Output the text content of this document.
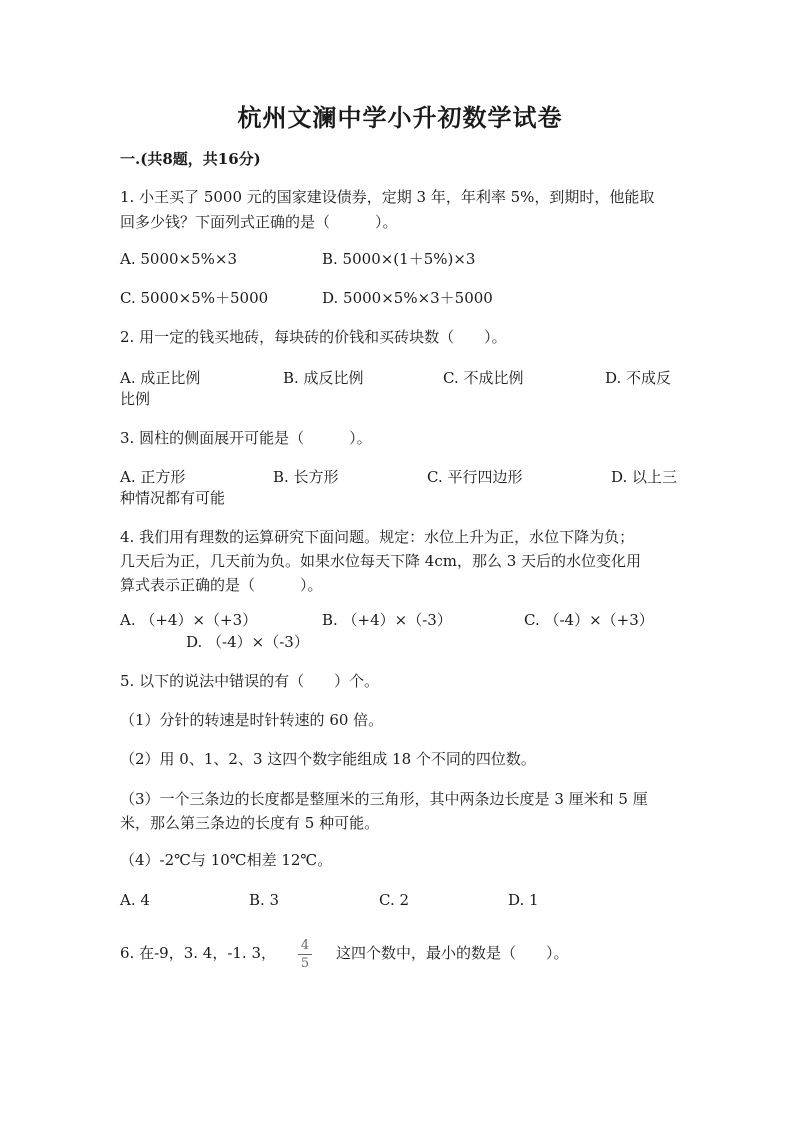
杭州文澜中学小升初数学试卷
一.(共8题，共16分)
1. 小王买了 5000 元的国家建设债券，定期 3 年，年利率 5%，到期时，他能取
回多少钱？下面列式正确的是（　　　）。
A. 5000×5%×3	B. 5000×(1＋5%)×3
C. 5000×5%＋5000	D. 5000×5%×3＋5000
2. 用一定的钱买地砖，每块砖的价钱和买砖块数（　　）。
A. 成正比例	B. 成反比例	C. 不成比例	D. 不成反
比例
3. 圆柱的侧面展开可能是（　　　）。
A. 正方形	B. 长方形	C. 平行四边形	D. 以上三
种情况都有可能
4. 我们用有理数的运算研究下面问题。规定：水位上升为正，水位下降为负；
几天后为正，几天前为负。如果水位每天下降 4cm，那么 3 天后的水位变化用
算式表示正确的是（　　　）。
A. （+4）×（+3）	B. （+4）×（-3）	C. （-4）×（+3）
D. （-4）×（-3）
5. 以下的说法中错误的有（　　）个。
（1）分针的转速是时针转速的 60 倍。
（2）用 0、1、2、3 这四个数字能组成 18 个不同的四位数。
（3）一个三条边的长度都是整厘米的三角形，其中两条边长度是 3 厘米和 5 厘
米，那么第三条边的长度有 5 种可能。
（4）-2℃与 10℃相差 12℃。
A. 4	B. 3	C. 2	D. 1
6. 在-9，3. 4，-1. 3， 4
5
这四个数中，最小的数是（　　）。
